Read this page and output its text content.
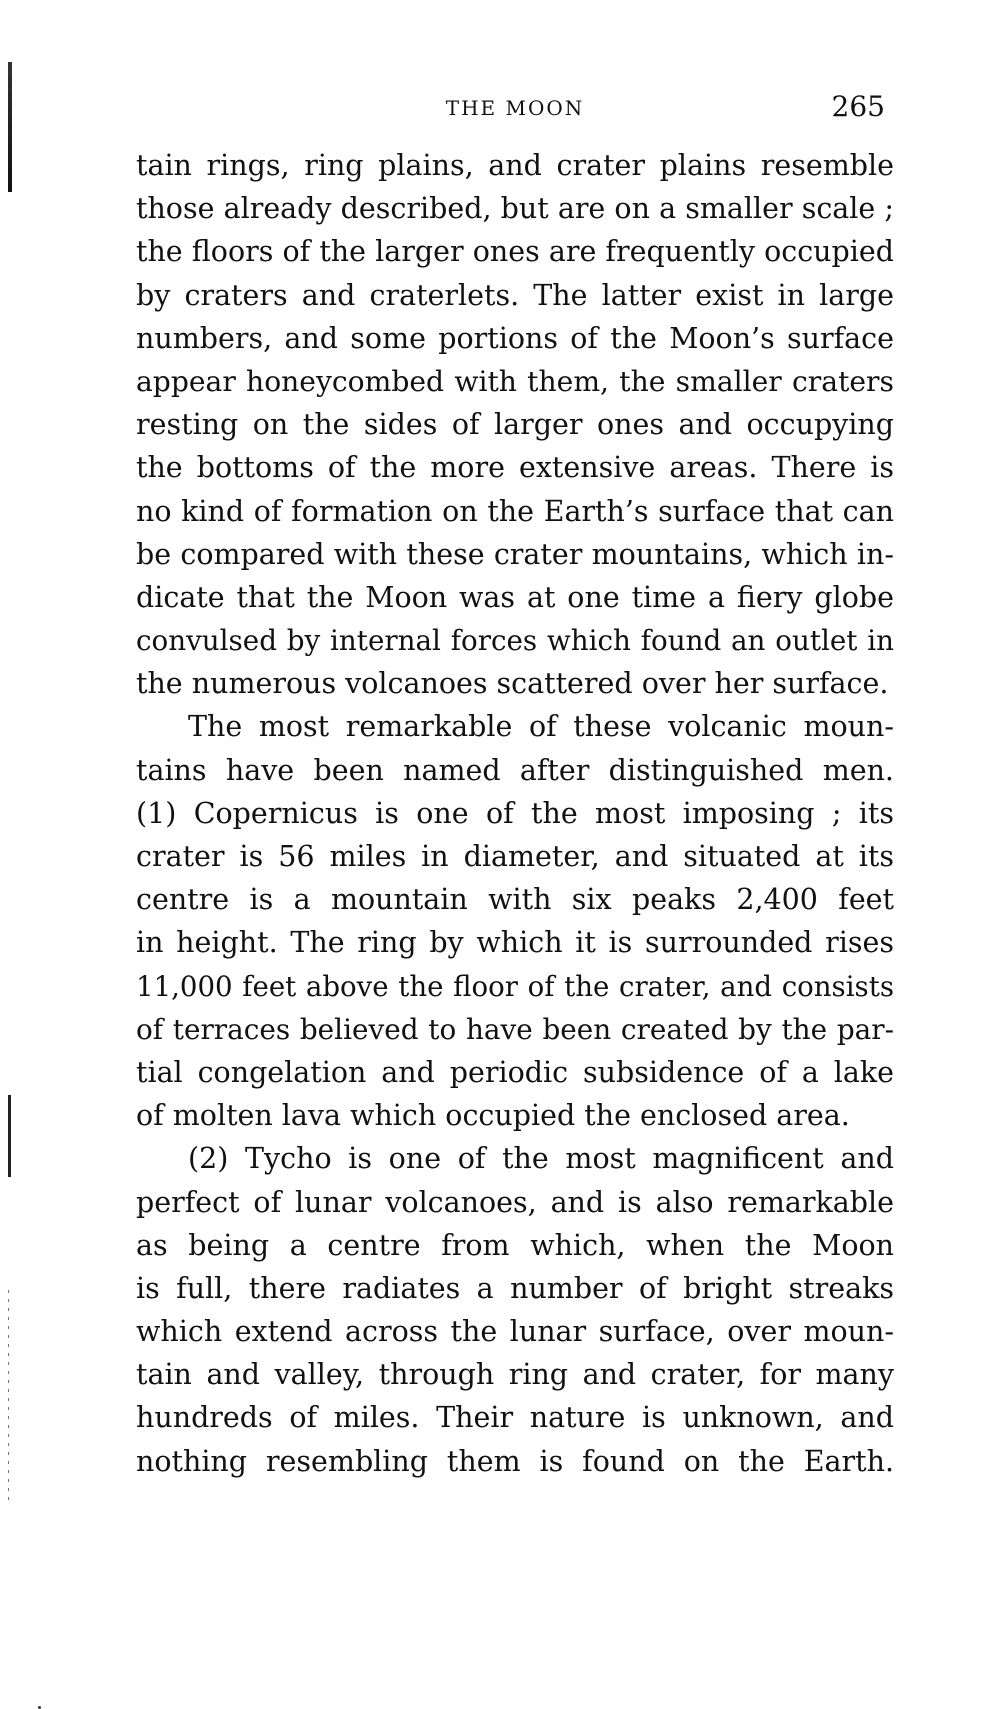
THE MOON	265
tain rings, ring plains, and crater plains resemble
those already described, but are on a smaller scale ;
the floors of the larger ones are frequently occupied
by craters and craterlets. The latter exist in large
numbers, and some portions of the Moon’s surface
appear honeycombed with them, the smaller craters
resting on the sides of larger ones and occupying
the bottoms of the more extensive areas. There is
no kind of formation on the Earth’s surface that can
be compared with these crater mountains, which in-
dicate that the Moon was at one time a fiery globe
convulsed by internal forces which found an outlet in
the numerous volcanoes scattered over her surface.
The most remarkable of these volcanic moun-
tains have been named after distinguished men.
(1) Copernicus is one of the most imposing ; its
crater is 56 miles in diameter, and situated at its
centre is a mountain with six peaks 2,400 feet
in height. The ring by which it is surrounded rises
11,000 feet above the floor of the crater, and consists
of terraces believed to have been created by the par-
tial congelation and periodic subsidence of a lake
of molten lava which occupied the enclosed area.
(2) Tycho is one of the most magnificent and
perfect of lunar volcanoes, and is also remarkable
as being a centre from which, when the Moon
is full, there radiates a number of bright streaks
which extend across the lunar surface, over moun-
tain and valley, through ring and crater, for many
hundreds of miles. Their nature is unknown, and
nothing resembling them is found on the Earth.
